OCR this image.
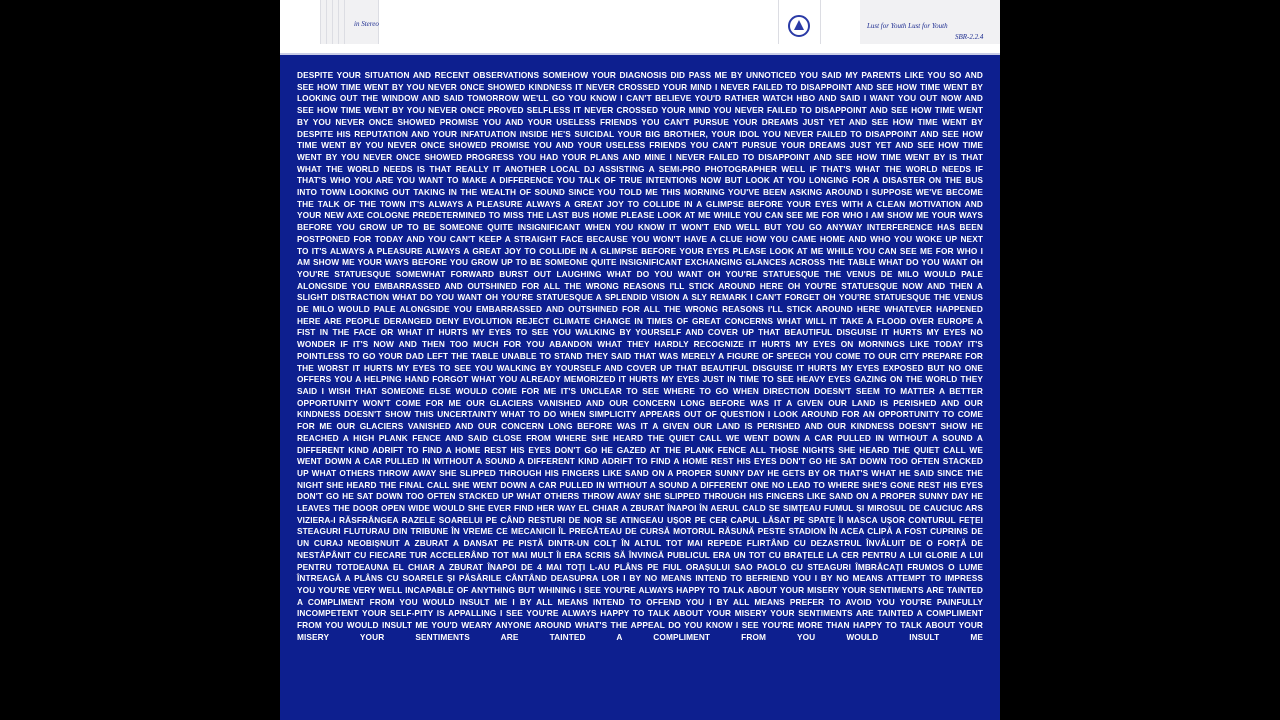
in Stereo	Lust for Youth Lust for Youth
SBR-2.2.4

DESPITE YOUR SITUATION AND RECENT OBSERVATIONS SOMEHOW YOUR DIAGNOSIS DID PASS ME BY UNNOTICED YOU SAID MY PARENTS LIKE YOU SO AND SEE HOW TIME WENT BY YOU NEVER ONCE SHOWED KINDNESS IT NEVER CROSSED YOUR MIND I NEVER FAILED TO DISAPPOINT AND SEE HOW TIME WENT BY LOOKING OUT THE WINDOW AND SAID TOMORROW WE'LL GO YOU KNOW I CAN'T BELIEVE YOU'D RATHER WATCH HBO AND SAID I WANT YOU OUT NOW AND SEE HOW TIME WENT BY YOU NEVER ONCE PROVED SELFLESS IT NEVER CROSSED YOUR MIND YOU NEVER FAILED TO DISAPPOINT AND SEE HOW TIME WENT BY YOU NEVER ONCE SHOWED PROMISE YOU AND YOUR USELESS FRIENDS YOU CAN'T PURSUE YOUR DREAMS JUST YET AND SEE HOW TIME WENT BY DESPITE HIS REPUTATION AND YOUR INFATUATION INSIDE HE'S SUICIDAL YOUR BIG BROTHER, YOUR IDOL YOU NEVER FAILED TO DISAPPOINT AND SEE HOW TIME WENT BY YOU NEVER ONCE SHOWED PROMISE YOU AND YOUR USELESS FRIENDS YOU CAN'T PURSUE YOUR DREAMS JUST YET AND SEE HOW TIME WENT BY YOU NEVER ONCE SHOWED PROGRESS YOU HAD YOUR PLANS AND MINE I NEVER FAILED TO DISAPPOINT AND SEE HOW TIME WENT BY IS THAT WHAT THE WORLD NEEDS IS THAT REALLY IT ANOTHER LOCAL DJ ASSISTING A SEMI-PRO PHOTOGRAPHER WELL IF THAT'S WHAT THE WORLD NEEDS IF THAT'S WHO YOU ARE YOU WANT TO MAKE A DIFFERENCE YOU TALK OF TRUE INTENTIONS NOW BUT LOOK AT YOU LONGING FOR A DISASTER ON THE BUS INTO TOWN LOOKING OUT TAKING IN THE WEALTH OF SOUND SINCE YOU TOLD ME THIS MORNING YOU'VE BEEN ASKING AROUND I SUPPOSE WE'VE BECOME THE TALK OF THE TOWN IT'S ALWAYS A PLEASURE ALWAYS A GREAT JOY TO COLLIDE IN A GLIMPSE BEFORE YOUR EYES WITH A CLEAN MOTIVATION AND YOUR NEW AXE COLOGNE PREDETERMINED TO MISS THE LAST BUS HOME PLEASE LOOK AT ME WHILE YOU CAN SEE ME FOR WHO I AM SHOW ME YOUR WAYS BEFORE YOU GROW UP TO BE SOMEONE QUITE INSIGNIFICANT WHEN YOU KNOW IT WON'T END WELL BUT YOU GO ANYWAY INTERFERENCE HAS BEEN POSTPONED FOR TODAY AND YOU CAN'T KEEP A STRAIGHT FACE BECAUSE YOU WON'T HAVE A CLUE HOW YOU CAME HOME AND WHO YOU WOKE UP NEXT TO IT'S ALWAYS A PLEASURE ALWAYS A GREAT JOY TO COLLIDE IN A GLIMPSE BEFORE YOUR EYES PLEASE LOOK AT ME WHILE YOU CAN SEE ME FOR WHO I AM SHOW ME YOUR WAYS BEFORE YOU GROW UP TO BE SOMEONE QUITE INSIGNIFICANT EXCHANGING GLANCES ACROSS THE TABLE WHAT DO YOU WANT OH YOU'RE STATUESQUE SOMEWHAT FORWARD BURST OUT LAUGHING WHAT DO YOU WANT OH YOU'RE STATUESQUE THE VENUS DE MILO WOULD PALE ALONGSIDE YOU EMBARRASSED AND OUTSHINED FOR ALL THE WRONG REASONS I'LL STICK AROUND HERE OH YOU'RE STATUESQUE NOW AND THEN A SLIGHT DISTRACTION WHAT DO YOU WANT OH YOU'RE STATUESQUE A SPLENDID VISION A SLY REMARK I CAN'T FORGET OH YOU'RE STATUESQUE THE VENUS DE MILO WOULD PALE ALONGSIDE YOU EMBARRASSED AND OUTSHINED FOR ALL THE WRONG REASONS I'LL STICK AROUND HERE WHATEVER HAPPENED HERE ARE PEOPLE DERANGED DENY EVOLUTION REJECT CLIMATE CHANGE IN TIMES OF GREAT CONCERNS WHAT WILL IT TAKE A FLOOD OVER EUROPE A FIST IN THE FACE OR WHAT IT HURTS MY EYES TO SEE YOU WALKING BY YOURSELF AND COVER UP THAT BEAUTIFUL DISGUISE IT HURTS MY EYES NO WONDER IF IT'S NOW AND THEN TOO MUCH FOR YOU ABANDON WHAT THEY HARDLY RECOGNIZE IT HURTS MY EYES ON MORNINGS LIKE TODAY IT'S POINTLESS TO GO YOUR DAD LEFT THE TABLE UNABLE TO STAND THEY SAID THAT WAS MERELY A FIGURE OF SPEECH YOU COME TO OUR CITY PREPARE FOR THE WORST IT HURTS MY EYES TO SEE YOU WALKING BY YOURSELF AND COVER UP THAT BEAUTIFUL DISGUISE IT HURTS MY EYES EXPOSED BUT NO ONE OFFERS YOU A HELPING HAND FORGOT WHAT YOU ALREADY MEMORIZED IT HURTS MY EYES JUST IN TIME TO SEE HEAVY EYES GAZING ON THE WORLD THEY SAID I WISH THAT SOMEONE ELSE WOULD COME FOR ME IT'S UNCLEAR TO SEE WHERE TO GO WHEN DIRECTION DOESN'T SEEM TO MATTER A BETTER OPPORTUNITY WON'T COME FOR ME OUR GLACIERS VANISHED AND OUR CONCERN LONG BEFORE WAS IT A GIVEN OUR LAND IS PERISHED AND OUR KINDNESS DOESN'T SHOW THIS UNCERTAINTY WHAT TO DO WHEN SIMPLICITY APPEARS OUT OF QUESTION I LOOK AROUND FOR AN OPPORTUNITY TO COME FOR ME OUR GLACIERS VANISHED AND OUR CONCERN LONG BEFORE WAS IT A GIVEN OUR LAND IS PERISHED AND OUR KINDNESS DOESN'T SHOW HE REACHED A HIGH PLANK FENCE AND SAID CLOSE FROM WHERE SHE HEARD THE QUIET CALL WE WENT DOWN A CAR PULLED IN WITHOUT A SOUND A DIFFERENT KIND ADRIFT TO FIND A HOME REST HIS EYES DON'T GO HE GAZED AT THE PLANK FENCE ALL THOSE NIGHTS SHE HEARD THE QUIET CALL WE WENT DOWN A CAR PULLED IN WITHOUT A SOUND A DIFFERENT KIND ADRIFT TO FIND A HOME REST HIS EYES DON'T GO HE SAT DOWN TOO OFTEN STACKED UP WHAT OTHERS THROW AWAY SHE SLIPPED THROUGH HIS FINGERS LIKE SAND ON A PROPER SUNNY DAY HE GETS BY OR THAT'S WHAT HE SAID SINCE THE NIGHT SHE HEARD THE FINAL CALL SHE WENT DOWN A CAR PULLED IN WITHOUT A SOUND A DIFFERENT ONE NO LEAD TO WHERE SHE'S GONE REST HIS EYES DON'T GO HE SAT DOWN TOO OFTEN STACKED UP WHAT OTHERS THROW AWAY SHE SLIPPED THROUGH HIS FINGERS LIKE SAND ON A PROPER SUNNY DAY HE LEAVES THE DOOR OPEN WIDE WOULD SHE EVER FIND HER WAY EL CHIAR A ZBURAT ÎNAPOI ÎN AERUL CALD SE SIMȚEAU FUMUL ȘI MIROSUL DE CAUCIUC ARS VIZIERA-I RĂSFRÂNGEA RAZELE SOARELUI PE CÂND RESTURI DE NOR SE ATINGEAU UȘOR PE CER CAPUL LĂSAT PE SPATE ÎI MASCA UȘOR CONTURUL FEȚEI STEAGURI FLUTURAU DIN TRIBUNE ÎN VREME CE MECANICII ÎL PREGĂTEAU DE CURSĂ MOTORUL RĂSUNĂ PESTE STADION ÎN ACEA CLIPĂ A FOST CUPRINS DE UN CURAJ NEOBIȘNUIT A ZBURAT A DANSAT PE PISTĂ DINTR-UN COLȚ ÎN ALTUL TOT MAI REPEDE FLIRTÂND CU DEZASTRUL ÎNVĂLUIT DE O FORȚĂ DE NESTĂPÂNIT CU FIECARE TUR ACCELERÂND TOT MAI MULT ÎI ERA SCRIS SĂ ÎNVINGĂ PUBLICUL ERA UN TOT CU BRAȚELE LA CER PENTRU A LUI GLORIE A LUI PENTRU TOTDEAUNA EL CHIAR A ZBURAT ÎNAPOI DE 4 MAI TOȚI L-AU PLÂNS PE FIUL ORAȘULUI SAO PAOLO CU STEAGURI ÎMBRĂCAȚI FRUMOS O LUME ÎNTREAGĂ A PLÂNS CU SOARELE ȘI PĂSĂRILE CÂNTÂND DEASUPRA LOR I BY NO MEANS INTEND TO BEFRIEND YOU I BY NO MEANS ATTEMPT TO IMPRESS YOU YOU'RE VERY WELL INCAPABLE OF ANYTHING BUT WHINING I SEE YOU'RE ALWAYS HAPPY TO TALK ABOUT YOUR MISERY YOUR SENTIMENTS ARE TAINTED A COMPLIMENT FROM YOU WOULD INSULT ME I BY ALL MEANS INTEND TO OFFEND YOU I BY ALL MEANS PREFER TO AVOID YOU YOU'RE PAINFULLY INCOMPETENT YOUR SELF-PITY IS APPALLING I SEE YOU'RE ALWAYS HAPPY TO TALK ABOUT YOUR MISERY YOUR SENTIMENTS ARE TAINTED A COMPLIMENT FROM YOU WOULD INSULT ME YOU'D WEARY ANYONE AROUND WHAT'S THE APPEAL DO YOU KNOW I SEE YOU'RE MORE THAN HAPPY TO TALK ABOUT YOUR MISERY YOUR SENTIMENTS ARE TAINTED A COMPLIMENT FROM YOU WOULD INSULT ME
